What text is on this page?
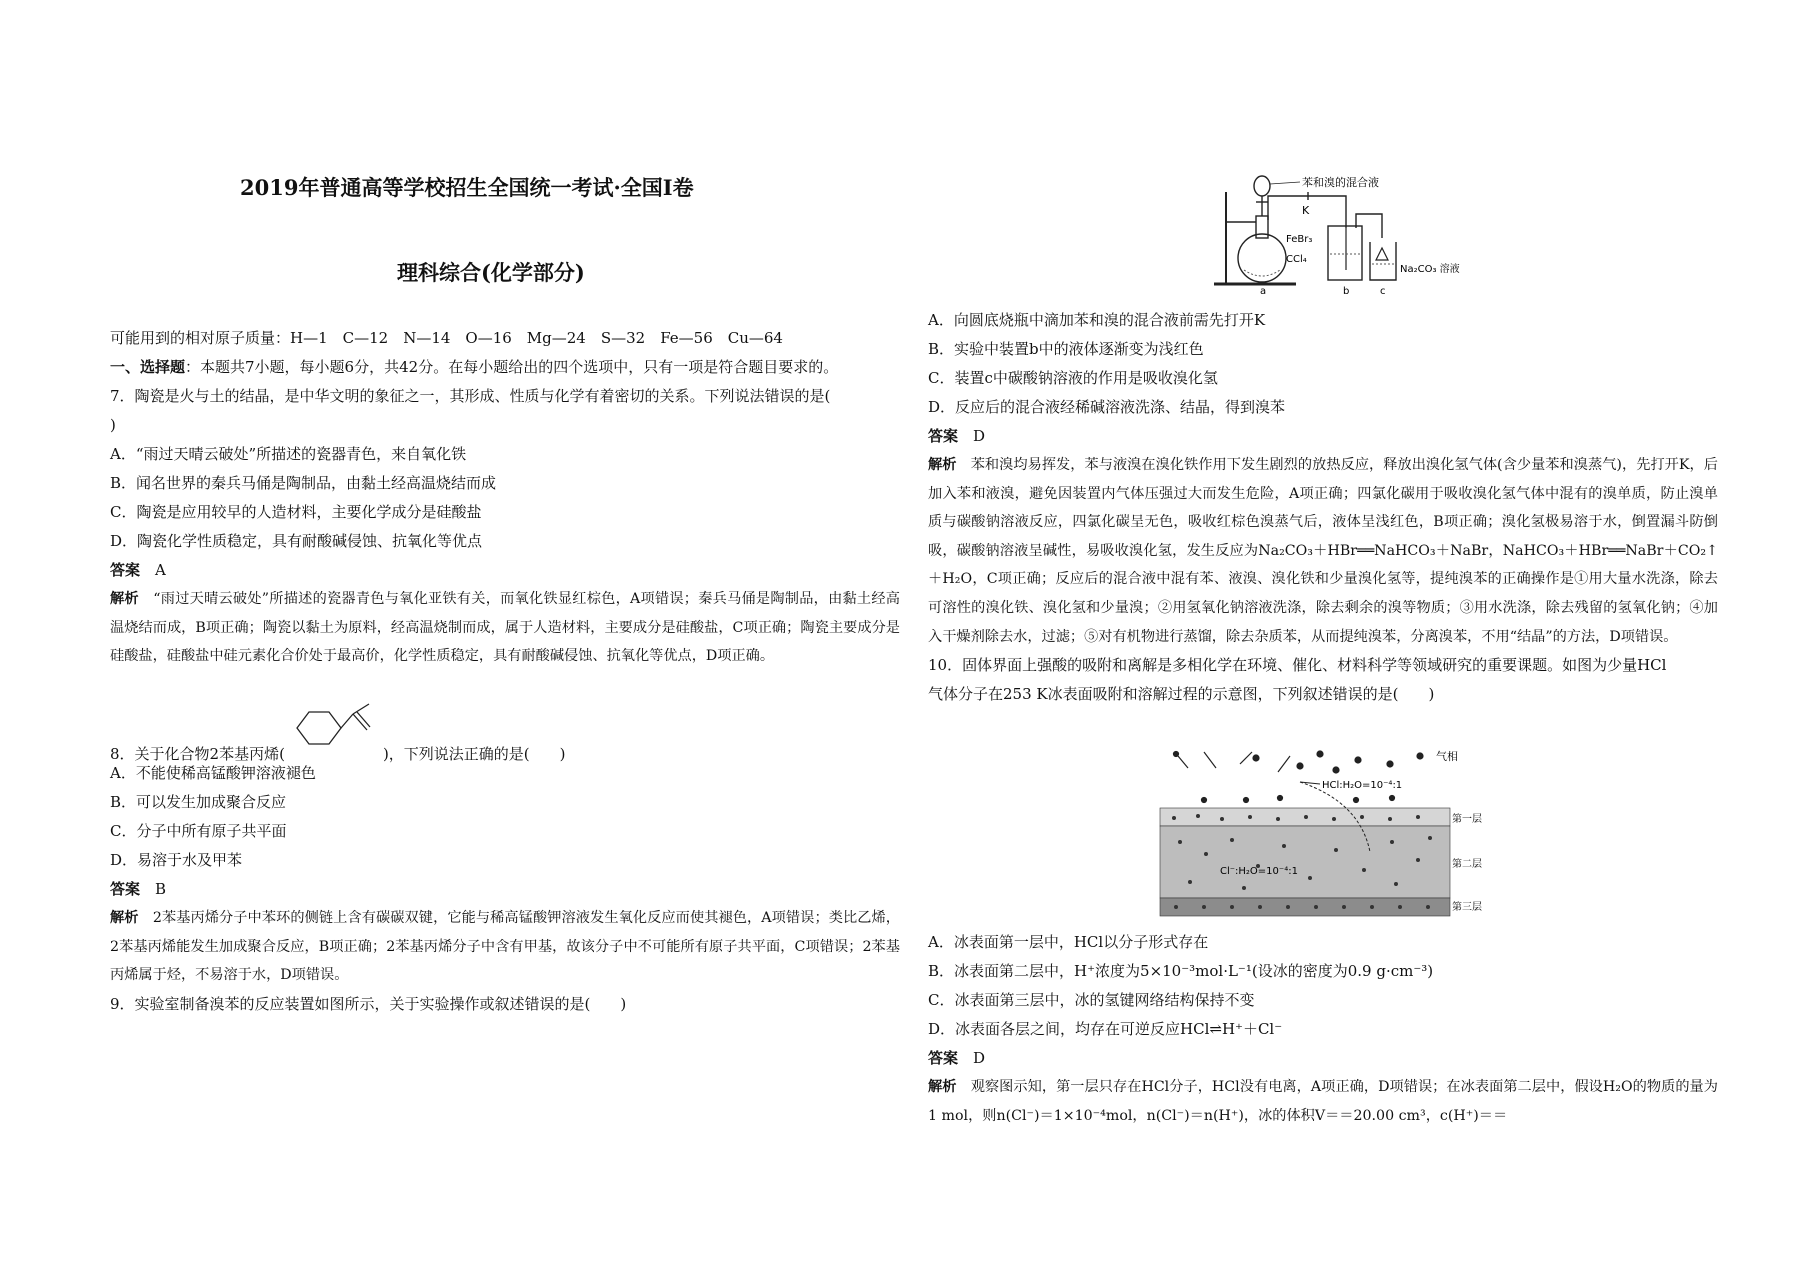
2019年普通高等学校招生全国统一考试·全国Ⅰ卷
理科综合(化学部分)
可能用到的相对原子质量：H—1　C—12　N—14　O—16　Mg—24　S—32　Fe—56　Cu—64
一、选择题：本题共7小题，每小题6分，共42分。在每小题给出的四个选项中，只有一项是符合题目要求的。
7．陶瓷是火与土的结晶，是中华文明的象征之一，其形成、性质与化学有着密切的关系。下列说法错误的是(
)
A．“雨过天晴云破处”所描述的瓷器青色，来自氧化铁
B．闻名世界的秦兵马俑是陶制品，由黏土经高温烧结而成
C．陶瓷是应用较早的人造材料，主要化学成分是硅酸盐
D．陶瓷化学性质稳定，具有耐酸碱侵蚀、抗氧化等优点
答案　 A
解析　 “雨过天晴云破处”所描述的瓷器青色与氧化亚铁有关，而氧化铁显红棕色，A项错误；秦兵马俑是陶制品，由黏土经高温烧结而成，B项正确；陶瓷以黏土为原料，经高温烧制而成，属于人造材料，主要成分是硅酸盐，C项正确；陶瓷主要成分是硅酸盐，硅酸盐中硅元素化合价处于最高价，化学性质稳定，具有耐酸碱侵蚀、抗氧化等优点，D项正确。
8．关于化合物2苯基丙烯(	)，下列说法正确的是(　　)
A．不能使稀高锰酸钾溶液褪色
B．可以发生加成聚合反应
C．分子中所有原子共平面
D．易溶于水及甲苯
答案　 B
解析　 2苯基丙烯分子中苯环的侧链上含有碳碳双键，它能与稀高锰酸钾溶液发生氧化反应而使其褪色，A项错误；类比乙烯，2苯基丙烯能发生加成聚合反应，B项正确；2苯基丙烯分子中含有甲基，故该分子中不可能所有原子共平面，C项错误；2苯基丙烯属于烃，不易溶于水，D项错误。
9．实验室制备溴苯的反应装置如图所示，关于实验操作或叙述错误的是(　　)
苯和溴的混合液
K
FeBr₃
CCl₄
Na₂CO₃ 溶液
a	b	c
A．向圆底烧瓶中滴加苯和溴的混合液前需先打开K
B．实验中装置b中的液体逐渐变为浅红色
C．装置c中碳酸钠溶液的作用是吸收溴化氢
D．反应后的混合液经稀碱溶液洗涤、结晶，得到溴苯
答案　 D
解析　 苯和溴均易挥发，苯与液溴在溴化铁作用下发生剧烈的放热反应，释放出溴化氢气体(含少量苯和溴蒸气)，先打开K，后加入苯和液溴，避免因装置内气体压强过大而发生危险，A项正确；四氯化碳用于吸收溴化氢气体中混有的溴单质，防止溴单质与碳酸钠溶液反应，四氯化碳呈无色，吸收红棕色溴蒸气后，液体呈浅红色，B项正确；溴化氢极易溶于水，倒置漏斗防倒吸，碳酸钠溶液呈碱性，易吸收溴化氢，发生反应为Na₂CO₃＋HBr══NaHCO₃＋NaBr，NaHCO₃＋HBr══NaBr＋CO₂↑＋H₂O，C项正确；反应后的混合液中混有苯、液溴、溴化铁和少量溴化氢等，提纯溴苯的正确操作是①用大量水洗涤，除去可溶性的溴化铁、溴化氢和少量溴；②用氢氧化钠溶液洗涤，除去剩余的溴等物质；③用水洗涤，除去残留的氢氧化钠；④加入干燥剂除去水，过滤；⑤对有机物进行蒸馏，除去杂质苯，从而提纯溴苯，分离溴苯，不用“结晶”的方法，D项错误。
10．固体界面上强酸的吸附和离解是多相化学在环境、催化、材料科学等领域研究的重要课题。如图为少量HCl
气体分子在253 K冰表面吸附和溶解过程的示意图，下列叙述错误的是(　　)
气相
HCl:H₂O=10⁻⁴:1
Cl⁻:H₂O=10⁻⁴:1
第一层
第二层
第三层
A．冰表面第一层中，HCl以分子形式存在
B．冰表面第二层中，H⁺浓度为5×10⁻³mol·L⁻¹(设冰的密度为0.9 g·cm⁻³)
C．冰表面第三层中，冰的氢键网络结构保持不变
D．冰表面各层之间，均存在可逆反应HCl⇌H⁺＋Cl⁻
答案　 D
解析　 观察图示知，第一层只存在HCl分子，HCl没有电离，A项正确，D项错误；在冰表面第二层中，假设H₂O的物质的量为1 mol，则n(Cl⁻)＝1×10⁻⁴mol，n(Cl⁻)＝n(H⁺)，冰的体积V＝＝20.00 cm³，c(H⁺)＝＝
